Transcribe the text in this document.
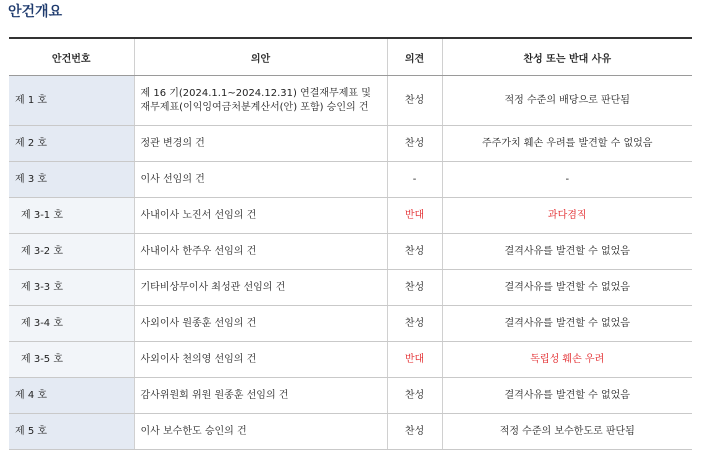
안건개요
안건번호	의안	의견	찬성 또는 반대 사유
제 1 호	제 16 기(2024.1.1~2024.12.31) 연결재무제표 및 재무제표(이익잉여금처분계산서(안) 포함) 승인의 건	찬성	적정 수준의 배당으로 판단됨
제 2 호	정관 변경의 건	찬성	주주가치 훼손 우려를 발견할 수 없었음
제 3 호	이사 선임의 건	-	-
제 3-1 호	사내이사 노진서 선임의 건	반대	과다겸직
제 3-2 호	사내이사 한주우 선임의 건	찬성	결격사유를 발견할 수 없었음
제 3-3 호	기타비상무이사 최성관 선임의 건	찬성	결격사유를 발견할 수 없었음
제 3-4 호	사외이사 원종훈 선임의 건	찬성	결격사유를 발견할 수 없었음
제 3-5 호	사외이사 천의영 선임의 건	반대	독립성 훼손 우려
제 4 호	감사위원회 위원 원종훈 선임의 건	찬성	결격사유를 발견할 수 없었음
제 5 호	이사 보수한도 승인의 건	찬성	적정 수준의 보수한도로 판단됨
